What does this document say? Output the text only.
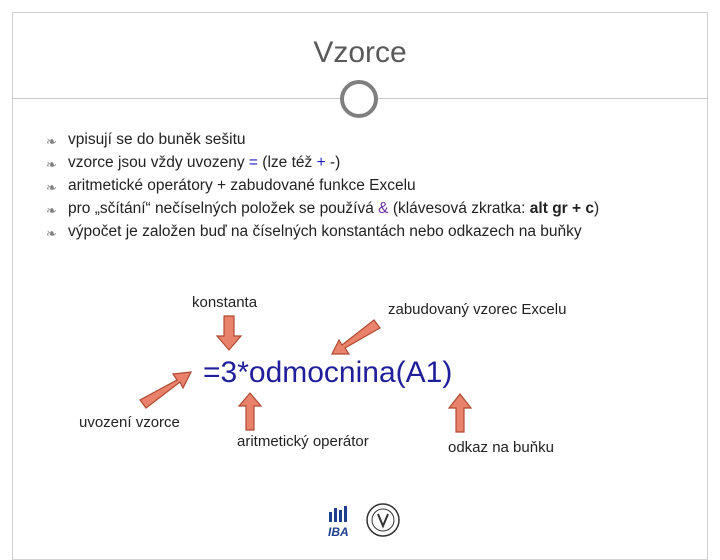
Vzorce
❧ vpisují se do buněk sešitu
❧ vzorce jsou vždy uvozeny = (lze též + -)
❧ aritmetické operátory + zabudované funkce Excelu
❧ pro „sčítání“ nečíselných položek se používá & (klávesová zkratka: alt gr + c)
❧ výpočet je založen buď na číselných konstantách nebo odkazech na buňky
konstanta	zabudovaný vzorec Excelu
uvození vzorce
aritmetický operátor	odkaz na buňku
=3*odmocnina(A1)
IBA
